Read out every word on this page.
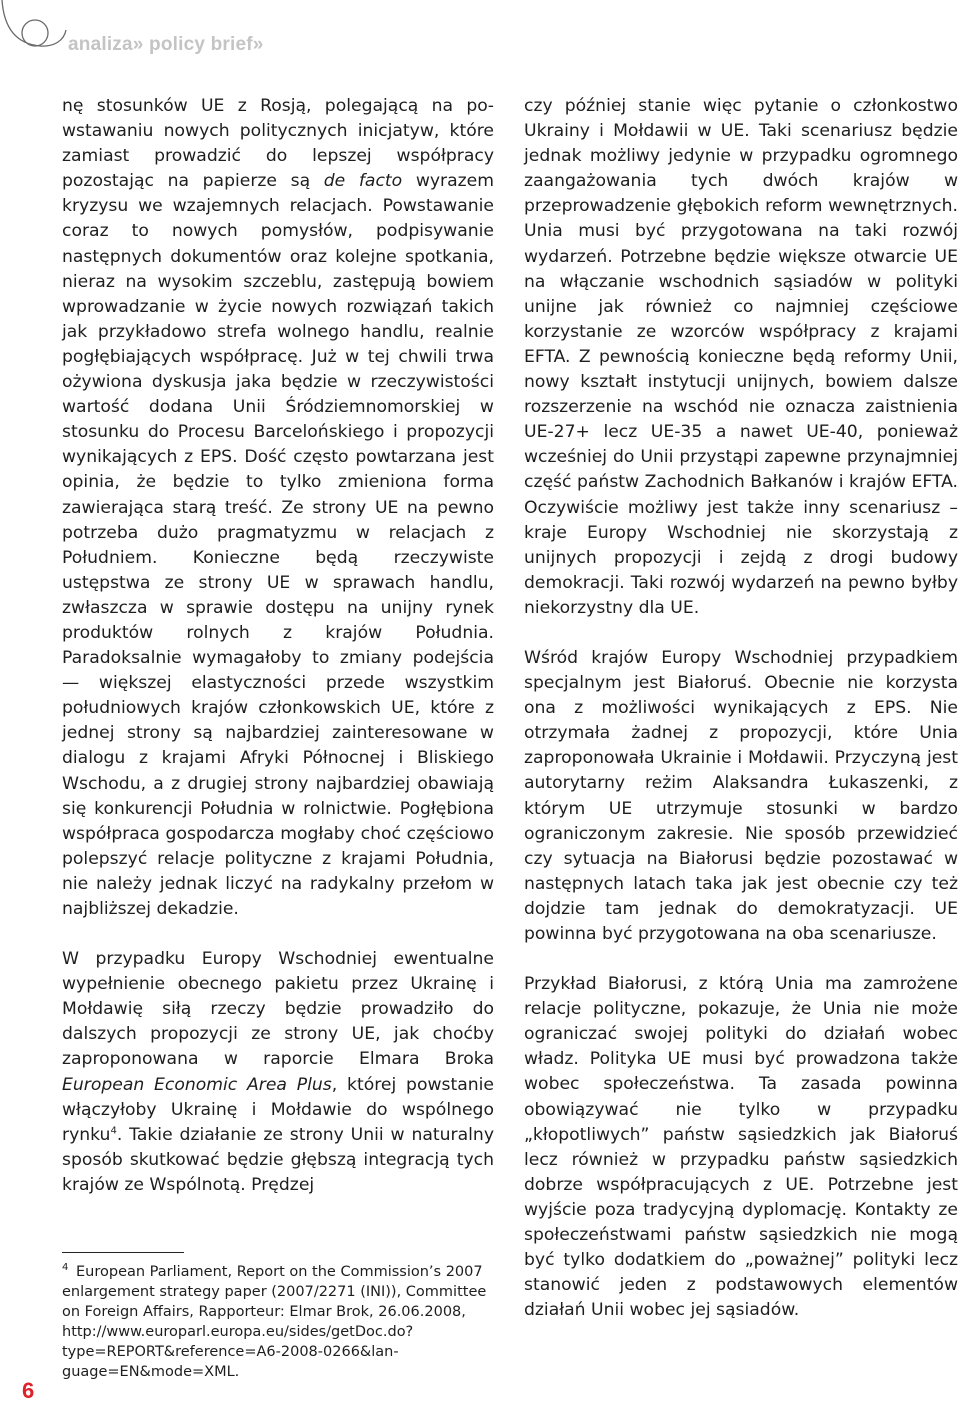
analiza» policy brief»

nę stosunków UE z Rosją, polegającą na powstawaniu nowych politycznych inicjatyw, które zamiast prowadzić do lepszej współpracy pozostając na papierze są de facto wyrazem kryzysu we wzajemnych relacjach. Powstawanie coraz to nowych pomysłów, podpisywanie następnych dokumentów oraz kolejne spotkania, nieraz na wysokim szczeblu, zastępują bowiem wprowadzanie w życie nowych rozwiązań takich jak przykładowo strefa wolnego handlu, realnie pogłębiających współpracę. Już w tej chwili trwa ożywiona dyskusja jaka będzie w rzeczywistości wartość dodana Unii Śródziemnomorskiej w stosunku do Procesu Barcelońskiego i propozycji wynikających z EPS. Dość często powtarzana jest opinia, że będzie to tylko zmieniona forma zawierająca starą treść. Ze strony UE na pewno potrzeba dużo pragmatyzmu w relacjach z Południem. Konieczne będą rzeczywiste ustępstwa ze strony UE w sprawach handlu, zwłaszcza w sprawie dostępu na unijny rynek produktów rolnych z krajów Południa. Paradoksalnie wymagałoby to zmiany podejścia — większej elastyczności przede wszystkim południowych krajów członkowskich UE, które z jednej strony są najbardziej zainteresowane w dialogu z krajami Afryki Północnej i Bliskiego Wschodu, a z drugiej strony najbardziej obawiają się konkurencji Południa w rolnictwie. Pogłębiona współpraca gospodarcza mogłaby choć częściowo polepszyć relacje polityczne z krajami Południa, nie należy jednak liczyć na radykalny przełom w najbliższej dekadzie.

W przypadku Europy Wschodniej ewentualne wypełnienie obecnego pakietu przez Ukrainę i Mołdawię siłą rzeczy będzie prowadziło do dalszych propozycji ze strony UE, jak choćby zaproponowana w raporcie Elmara Broka European Economic Area Plus, której powstanie włączyłoby Ukrainę i Mołdawie do wspólnego rynku$^4$. Takie działanie ze strony Unii w naturalny sposób skutkować będzie głębszą integracją tych krajów ze Wspólnotą. Prędzej

czy później stanie więc pytanie o członkostwo Ukrainy i Mołdawii w UE. Taki scenariusz będzie jednak możliwy jedynie w przypadku ogromnego zaangażowania tych dwóch krajów w przeprowadzenie głębokich reform wewnętrznych. Unia musi być przygotowana na taki rozwój wydarzeń. Potrzebne będzie większe otwarcie UE na włączanie wschodnich sąsiadów w polityki unijne jak również co najmniej częściowe korzystanie ze wzorców współpracy z krajami EFTA. Z pewnością konieczne będą reformy Unii, nowy kształt instytucji unijnych, bowiem dalsze rozszerzenie na wschód nie oznacza zaistnienia UE-27+ lecz UE-35 a nawet UE-40, ponieważ wcześniej do Unii przystąpi zapewne przynajmniej część państw Zachodnich Bałkanów i krajów EFTA. Oczywiście możliwy jest także inny scenariusz – kraje Europy Wschodniej nie skorzystają z unijnych propozycji i zejdą z drogi budowy demokracji. Taki rozwój wydarzeń na pewno byłby niekorzystny dla UE.

Wśród krajów Europy Wschodniej przypadkiem specjalnym jest Białoruś. Obecnie nie korzysta ona z możliwości wynikających z EPS. Nie otrzymała żadnej z propozycji, które Unia zaproponowała Ukrainie i Mołdawii. Przyczyną jest autorytarny reżim Alaksandra Łukaszenki, z którym UE utrzymuje stosunki w bardzo ograniczonym zakresie. Nie sposób przewidzieć czy sytuacja na Białorusi będzie pozostawać w następnych latach taka jak jest obecnie czy też dojdzie tam jednak do demokratyzacji. UE powinna być przygotowana na oba scenariusze.

Przykład Białorusi, z którą Unia ma zamrożene relacje polityczne, pokazuje, że Unia nie może ograniczać swojej polityki do działań wobec władz. Polityka UE musi być prowadzona także wobec społeczeństwa. Ta zasada powinna obowiązywać nie tylko w przypadku „kłopotliwych” państw sąsiedzkich jak Białoruś lecz również w przypadku państw sąsiedzkich dobrze współpracujących z UE. Potrzebne jest wyjście poza tradycyjną dyplomację. Kontakty ze społeczeństwami państw sąsiedzkich nie mogą być tylko dodatkiem do „poważnej” polityki lecz stanowić jeden z podstawowych elementów działań Unii wobec jej sąsiadów.

4 European Parliament, Report on the Commission’s 2007 enlargement strategy paper (2007/2271 (INI)), Committee on Foreign Affairs, Rapporteur: Elmar Brok, 26.06.2008, http://www.europarl.europa.eu/sides/getDoc.do?type=REPORT&reference=A6-2008-0266&language=EN&mode=XML.
6
